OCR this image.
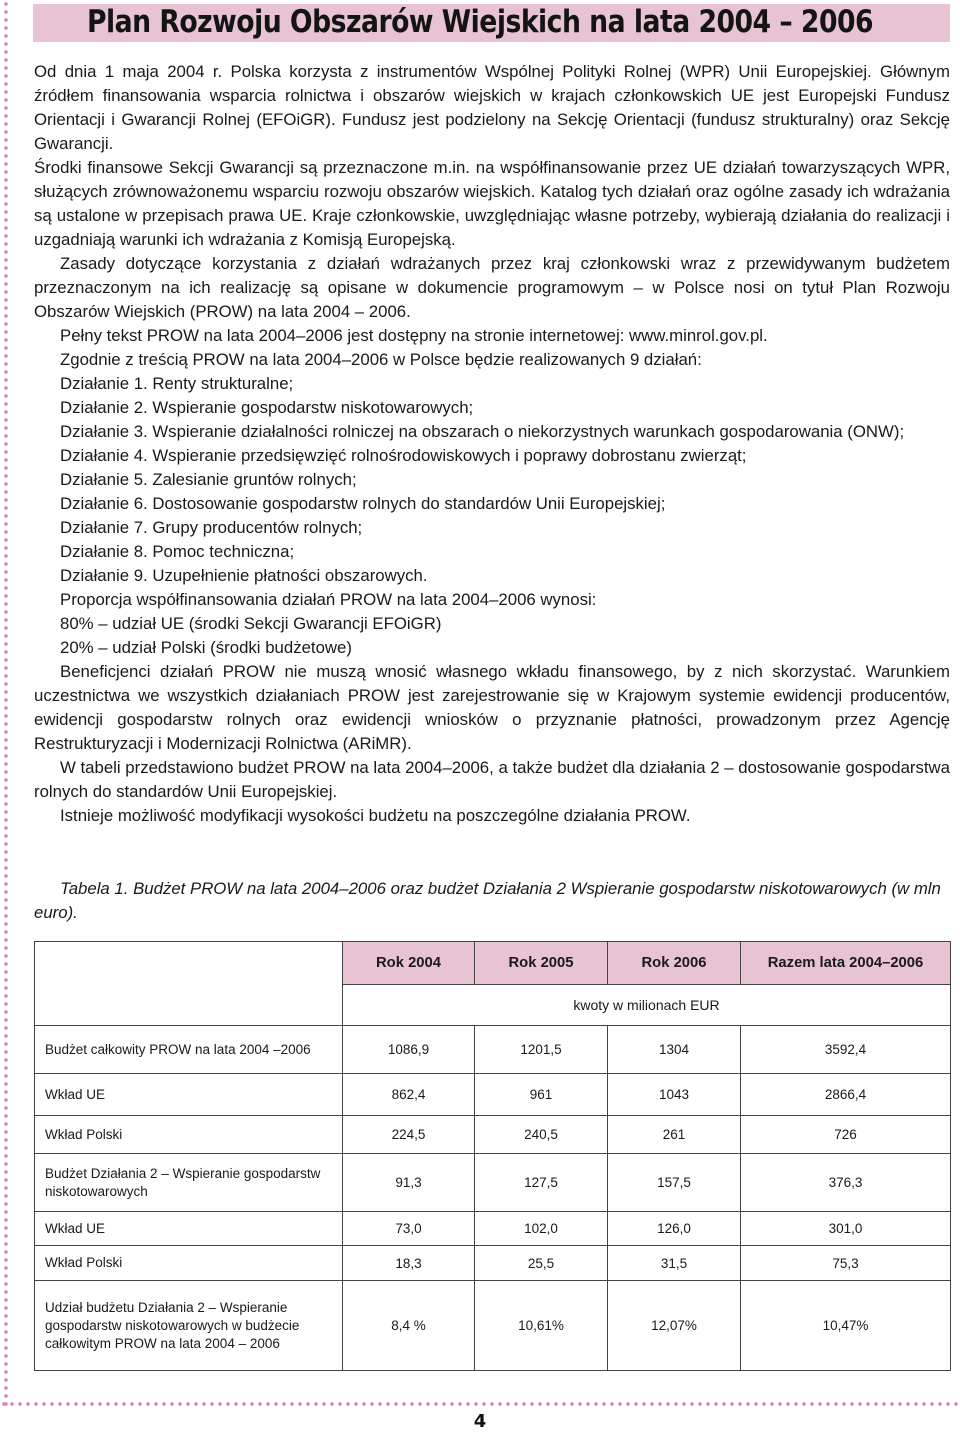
Plan Rozwoju Obszarów Wiejskich na lata 2004 – 2006

Od dnia 1 maja 2004 r. Polska korzysta z instrumentów Wspólnej Polityki Rolnej (WPR) Unii Europejskiej. Głównym źródłem finansowania wsparcia rolnictwa i obszarów wiejskich w krajach członkowskich UE jest Europejski Fundusz Orientacji i Gwarancji Rolnej (EFOiGR). Fundusz jest podzielony na Sekcję Orientacji (fundusz strukturalny) oraz Sekcję Gwarancji.

Środki finansowe Sekcji Gwarancji są przeznaczone m.in. na współfinansowanie przez UE działań towarzyszących WPR, służących zrównoważonemu wsparciu rozwoju obszarów wiejskich. Katalog tych działań oraz ogólne zasady ich wdrażania są ustalone w przepisach prawa UE. Kraje członkowskie, uwzględniając własne potrzeby, wybierają działania do realizacji i uzgadniają warunki ich wdrażania z Komisją Europejską.

Zasady dotyczące korzystania z działań wdrażanych przez kraj członkowski wraz z przewidywanym budżetem przeznaczonym na ich realizację są opisane w dokumencie programowym – w Polsce nosi on tytuł Plan Rozwoju Obszarów Wiejskich (PROW) na lata 2004 – 2006.

Pełny tekst PROW na lata 2004–2006 jest dostępny na stronie internetowej: www.minrol.gov.pl.

Zgodnie z treścią PROW na lata 2004–2006 w Polsce będzie realizowanych 9 działań:

Działanie 1. Renty strukturalne;

Działanie 2. Wspieranie gospodarstw niskotowarowych;

Działanie 3. Wspieranie działalności rolniczej na obszarach o niekorzystnych warunkach gospodarowania (ONW);

Działanie 4. Wspieranie przedsięwzięć rolnośrodowiskowych i poprawy dobrostanu zwierząt;

Działanie 5. Zalesianie gruntów rolnych;

Działanie 6. Dostosowanie gospodarstw rolnych do standardów Unii Europejskiej;

Działanie 7. Grupy producentów rolnych;

Działanie 8. Pomoc techniczna;

Działanie 9. Uzupełnienie płatności obszarowych.

Proporcja współfinansowania działań PROW na lata 2004–2006 wynosi:

80% – udział UE (środki Sekcji Gwarancji EFOiGR)

20% – udział Polski (środki budżetowe)

Beneficjenci działań PROW nie muszą wnosić własnego wkładu finansowego, by z nich skorzystać. Warunkiem uczestnictwa we wszystkich działaniach PROW jest zarejestrowanie się w Krajowym systemie ewidencji producentów, ewidencji gospodarstw rolnych oraz ewidencji wniosków o przyznanie płatności, prowadzonym przez Agencję Restrukturyzacji i Modernizacji Rolnictwa (ARiMR).

W tabeli przedstawiono budżet PROW na lata 2004–2006, a także budżet dla działania 2 – dostosowanie gospodarstwa rolnych do standardów Unii Europejskiej.

Istnieje możliwość modyfikacji wysokości budżetu na poszczególne działania PROW.

Tabela 1. Budżet PROW na lata 2004–2006 oraz budżet Działania 2 Wspieranie gospodarstw niskotowarowych (w mln euro).
	Rok 2004	Rok 2005	Rok 2006	Razem lata 2004–2006
	kwoty w milionach EUR			
Budżet całkowity PROW na lata 2004 –2006	1086,9	1201,5	1304	3592,4
Wkład UE	862,4	961	1043	2866,4
Wkład Polski	224,5	240,5	261	726
Budżet Działania 2 – Wspieranie gospodarstw niskotowarowych	91,3	127,5	157,5	376,3
Wkład UE	73,0	102,0	126,0	301,0
Wkład Polski	18,3	25,5	31,5	75,3
Udział budżetu Działania 2 – Wspieranie gospodarstw niskotowarowych w budżecie całkowitym PROW na lata 2004 – 2006	8,4 %	10,61%	12,07%	10,47%
4
